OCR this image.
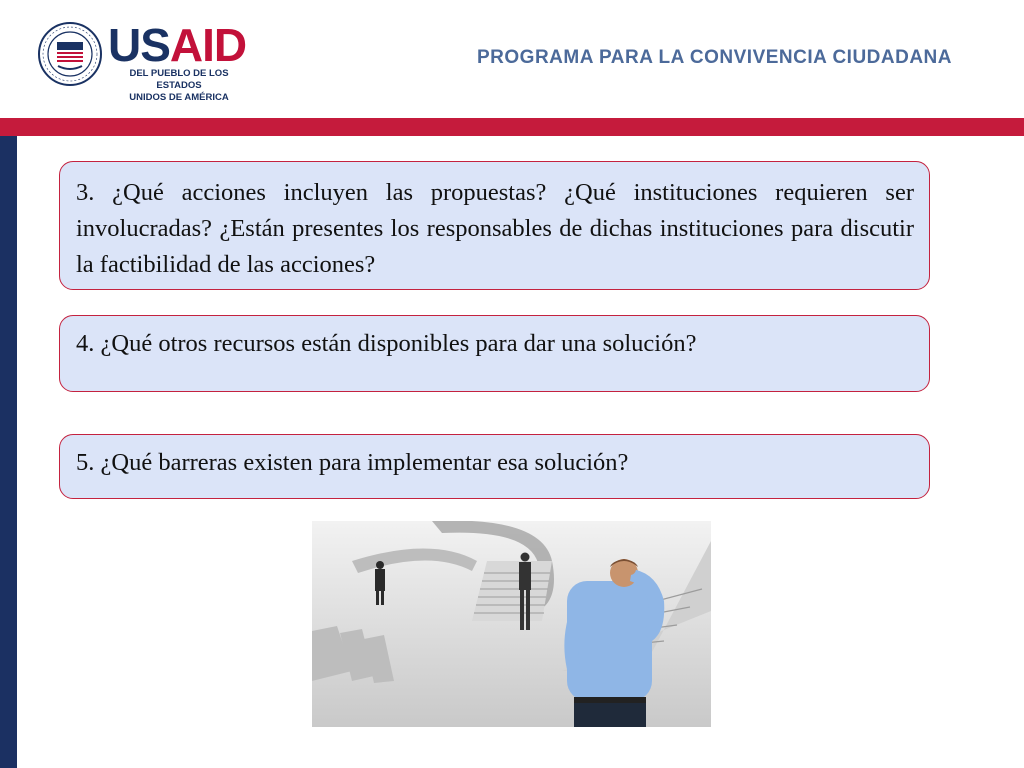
USAID
DEL PUEBLO DE LOS ESTADOS
UNIDOS DE AMÉRICA
PROGRAMA PARA LA CONVIVENCIA CIUDADANA
3. ¿Qué acciones incluyen las propuestas? ¿Qué instituciones requieren ser involucradas? ¿Están presentes los responsables de dichas instituciones para discutir la factibilidad de las acciones?
4. ¿Qué otros recursos están disponibles para dar una solución?
5. ¿Qué barreras existen para implementar esa solución?
